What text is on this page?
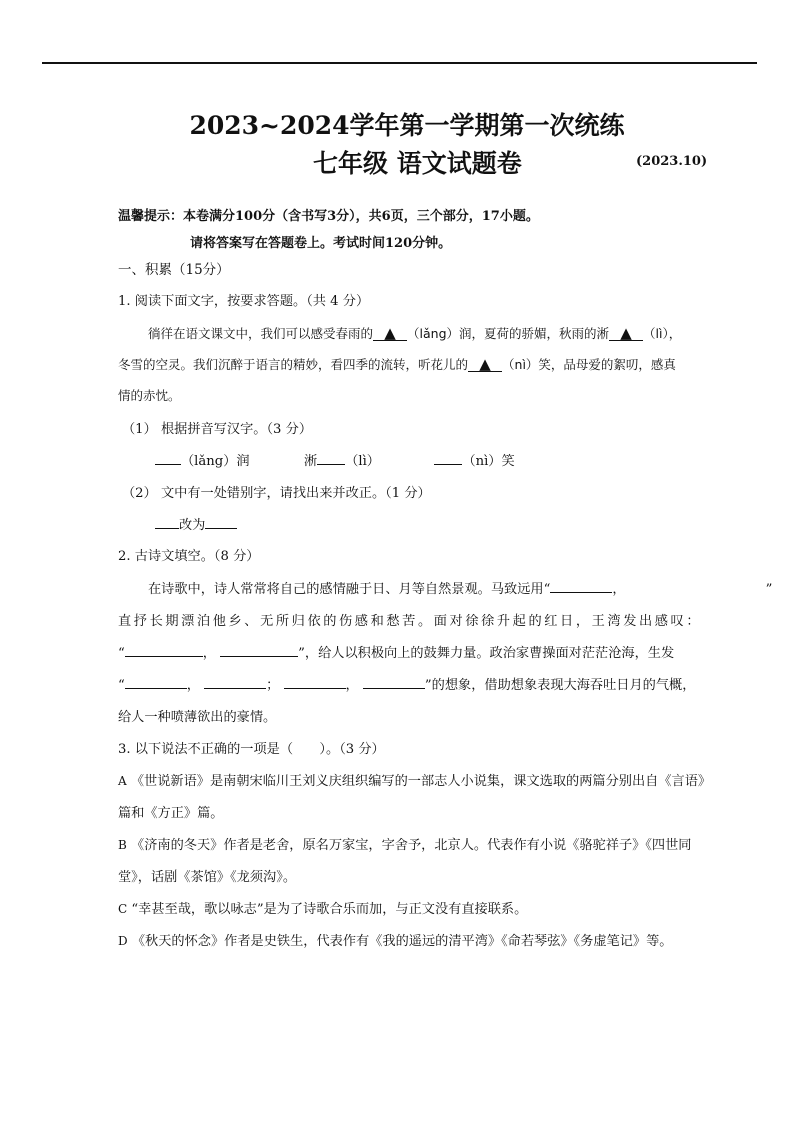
2023~2024学年第一学期第一次统练
七年级 语文试题卷	(2023.10)
温馨提示：本卷满分100分（含书写3分），共6页，三个部分，17小题。
请将答案写在答题卷上。考试时间120分钟。
一、积累（15分）
1. 阅读下面文字，按要求答题。（共 4 分）
徜徉在语文课文中，我们可以感受春雨的 ▲ （lǎng）润，夏荷的骄媚，秋雨的淅 ▲ （lì），
冬雪的空灵。我们沉醉于语言的精妙，看四季的流转，听花儿的 ▲ （nì）笑，品母爱的絮叨，感真
情的赤忱。
（1） 根据拼音写汉字。（3 分）
（lǎng）润	淅 （lì）	（nì）笑
（2） 文中有一处错别字，请找出来并改正。（1 分）
改为
2. 古诗文填空。（8 分）
在诗歌中，诗人常常将自己的感情融于日、月等自然景观。马致远用“	，	”
直抒长期漂泊他乡、无所归依的伤感和愁苦。面对徐徐升起的红日，王湾发出感叹：
“	，	”，给人以积极向上的鼓舞力量。政治家曹操面对茫茫沧海，生发
“	，	；	，	”的想象，借助想象表现大海吞吐日月的气概，
给人一种喷薄欲出的豪情。
3. 以下说法不正确的一项是（　　）。（3 分）
A 《世说新语》是南朝宋临川王刘义庆组织编写的一部志人小说集，课文选取的两篇分别出自《言语》
篇和《方正》篇。
B 《济南的冬天》作者是老舍，原名万家宝，字舍予，北京人。代表作有小说《骆驼祥子》《四世同
堂》，话剧《茶馆》《龙须沟》。
C “幸甚至哉，歌以咏志”是为了诗歌合乐而加，与正文没有直接联系。
D 《秋天的怀念》作者是史铁生，代表作有《我的遥远的清平湾》《命若琴弦》《务虚笔记》等。
